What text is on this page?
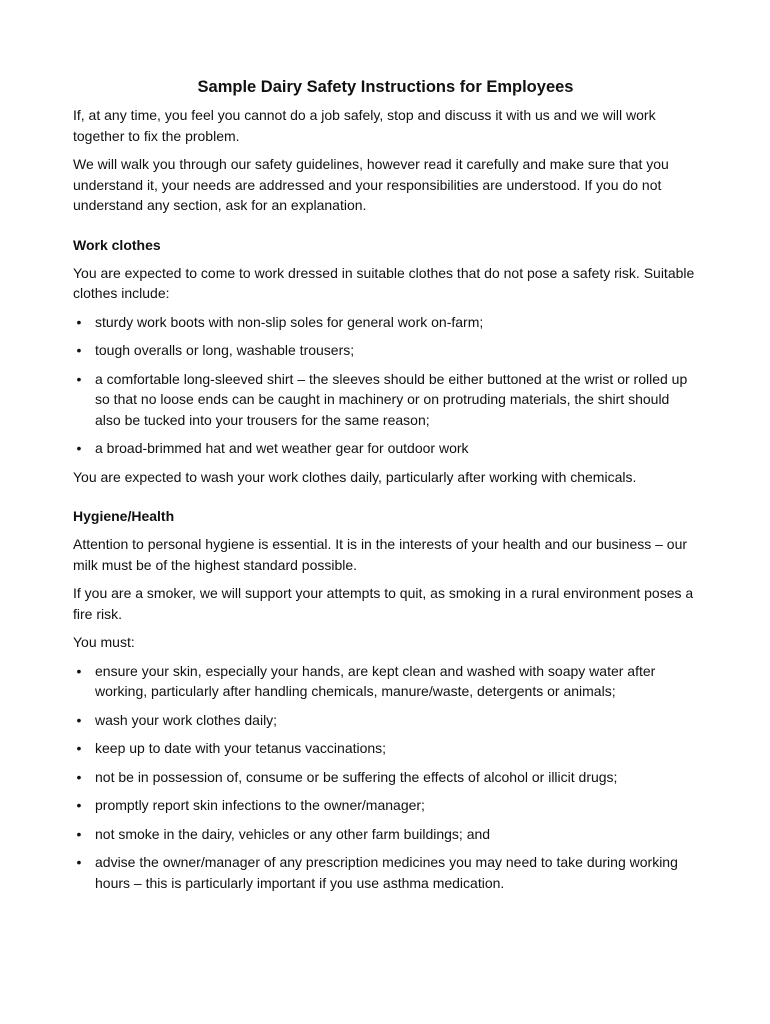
Sample Dairy Safety Instructions for Employees

If, at any time, you feel you cannot do a job safely, stop and discuss it with us and we will work together to fix the problem.

We will walk you through our safety guidelines, however read it carefully and make sure that you understand it, your needs are addressed and your responsibilities are understood. If you do not understand any section, ask for an explanation.

Work clothes

You are expected to come to work dressed in suitable clothes that do not pose a safety risk. Suitable clothes include:

• sturdy work boots with non-slip soles for general work on-farm;
• tough overalls or long, washable trousers;
• a comfortable long-sleeved shirt – the sleeves should be either buttoned at the wrist or rolled up so that no loose ends can be caught in machinery or on protruding materials, the shirt should also be tucked into your trousers for the same reason;
• a broad-brimmed hat and wet weather gear for outdoor work

You are expected to wash your work clothes daily, particularly after working with chemicals.

Hygiene/Health

Attention to personal hygiene is essential. It is in the interests of your health and our business – our milk must be of the highest standard possible.

If you are a smoker, we will support your attempts to quit, as smoking in a rural environment poses a fire risk.

You must:

• ensure your skin, especially your hands, are kept clean and washed with soapy water after working, particularly after handling chemicals, manure/waste, detergents or animals;
• wash your work clothes daily;
• keep up to date with your tetanus vaccinations;
• not be in possession of, consume or be suffering the effects of alcohol or illicit drugs;
• promptly report skin infections to the owner/manager;
• not smoke in the dairy, vehicles or any other farm buildings; and
• advise the owner/manager of any prescription medicines you may need to take during working hours – this is particularly important if you use asthma medication.
